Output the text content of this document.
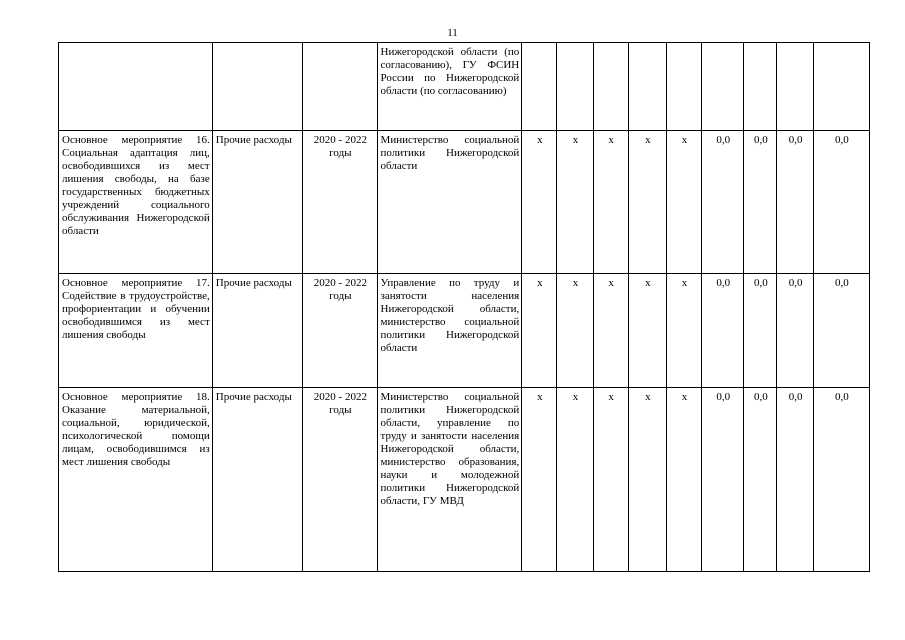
11
			Нижегородской области (по согласованию), ГУ ФСИН России по Нижегородской области (по согласованию)									
Основное мероприятие 16. Социальная адаптация лиц, освободившихся из мест лишения свободы, на базе государственных бюджетных учреждений социального обслуживания Нижегородской области	Прочие расходы	2020 - 2022 годы	Министерство социальной политики Нижегородской области	x	x	x	x	x	0,0	0,0	0,0	0,0
Основное мероприятие 17. Содействие в трудоустройстве, профориентации и обучении освободившимся из мест лишения свободы	Прочие расходы	2020 - 2022 годы	Управление по труду и занятости населения Нижегородской области, министерство социальной политики Нижегородской области	x	x	x	x	x	0,0	0,0	0,0	0,0
Основное мероприятие 18. Оказание материальной, социальной, юридической, психологической помощи лицам, освободившимся из мест лишения свободы	Прочие расходы	2020 - 2022 годы	Министерство социальной политики Нижегородской области, управление по труду и занятости населения Нижегородской области, министерство образования, науки и молодежной политики Нижегородской области, ГУ МВД	x	x	x	x	x	0,0	0,0	0,0	0,0
